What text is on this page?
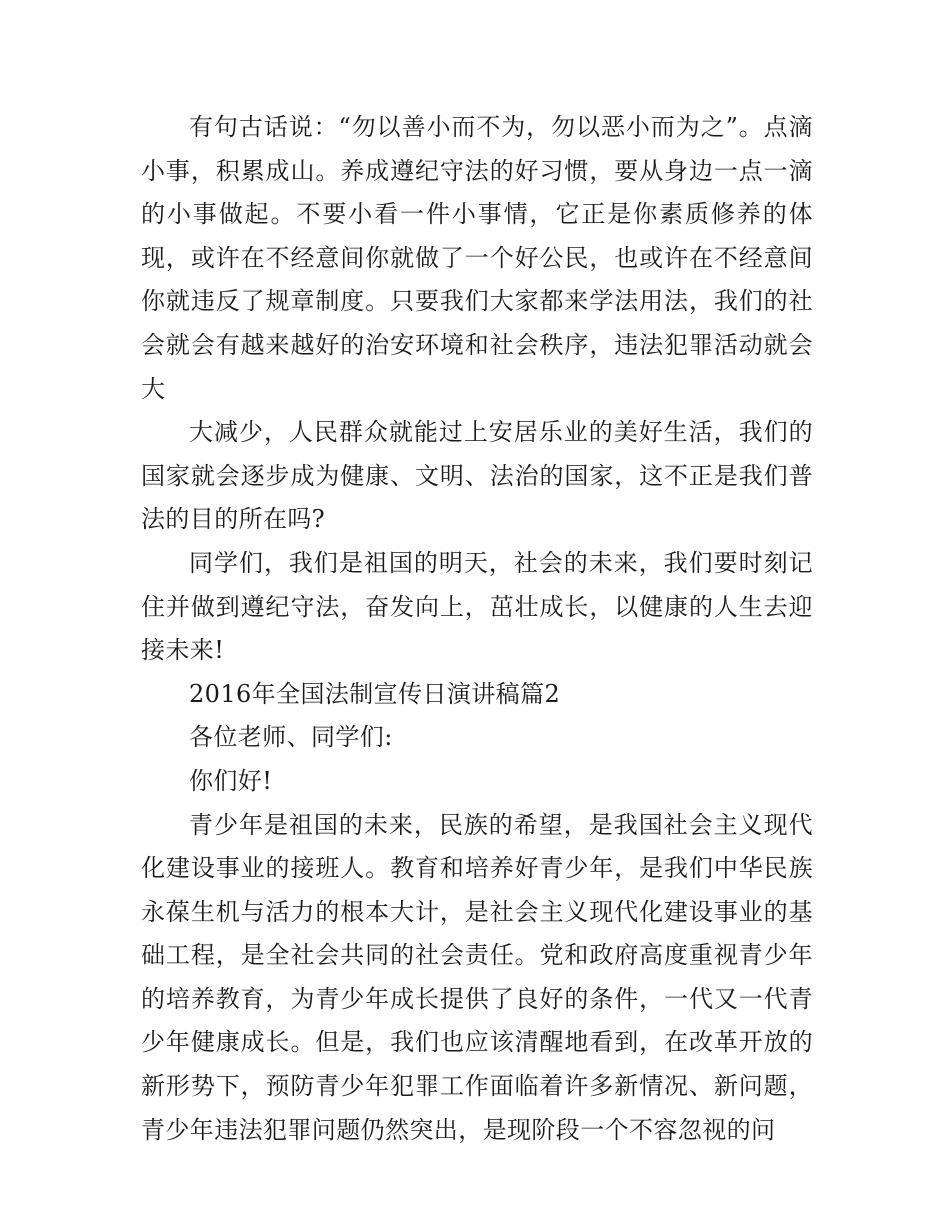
有句古话说：“勿以善小而不为，勿以恶小而为之”。点滴小事，积累成山。养成遵纪守法的好习惯，要从身边一点一滴的小事做起。不要小看一件小事情，它正是你素质修养的体现，或许在不经意间你就做了一个好公民，也或许在不经意间你就违反了规章制度。只要我们大家都来学法用法，我们的社会就会有越来越好的治安环境和社会秩序，违法犯罪活动就会大

大减少，人民群众就能过上安居乐业的美好生活，我们的国家就会逐步成为健康、文明、法治的国家，这不正是我们普法的目的所在吗?

同学们，我们是祖国的明天，社会的未来，我们要时刻记住并做到遵纪守法，奋发向上，茁壮成长，以健康的人生去迎接未来!

2016年全国法制宣传日演讲稿篇2

各位老师、同学们:

你们好!

青少年是祖国的未来，民族的希望，是我国社会主义现代化建设事业的接班人。教育和培养好青少年，是我们中华民族永葆生机与活力的根本大计，是社会主义现代化建设事业的基础工程，是全社会共同的社会责任。党和政府高度重视青少年的培养教育，为青少年成长提供了良好的条件，一代又一代青少年健康成长。但是，我们也应该清醒地看到，在改革开放的新形势下，预防青少年犯罪工作面临着许多新情况、新问题，青少年违法犯罪问题仍然突出，是现阶段一个不容忽视的问
